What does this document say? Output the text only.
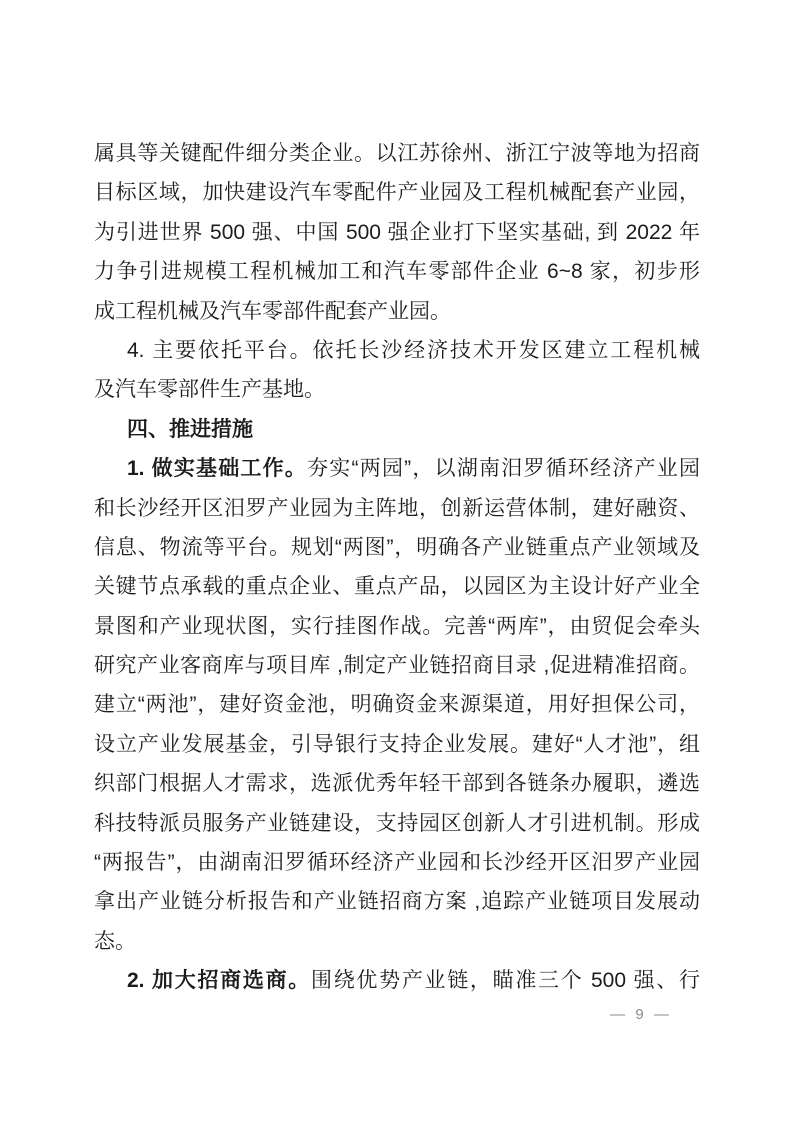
属具等关键配件细分类企业。以江苏徐州、浙江宁波等地为招商
目标区域，加快建设汽车零配件产业园及工程机械配套产业园，
为引进世界 500 强、中国 500 强企业打下坚实基础, 到 2022 年
力争引进规模工程机械加工和汽车零部件企业 6~8 家，初步形
成工程机械及汽车零部件配套产业园。
4. 主要依托平台。依托长沙经济技术开发区建立工程机械
及汽车零部件生产基地。
四、推进措施
1. 做实基础工作。夯实“两园”，以湖南汨罗循环经济产业园
和长沙经开区汨罗产业园为主阵地，创新运营体制，建好融资、
信息、物流等平台。规划“两图”，明确各产业链重点产业领域及
关键节点承载的重点企业、重点产品，以园区为主设计好产业全
景图和产业现状图，实行挂图作战。完善“两库”，由贸促会牵头
研究产业客商库与项目库 ,制定产业链招商目录 ,促进精准招商。
建立“两池”，建好资金池，明确资金来源渠道，用好担保公司，
设立产业发展基金，引导银行支持企业发展。建好“人才池”，组
织部门根据人才需求，选派优秀年轻干部到各链条办履职，遴选
科技特派员服务产业链建设，支持园区创新人才引进机制。形成
“两报告”，由湖南汨罗循环经济产业园和长沙经开区汨罗产业园
拿出产业链分析报告和产业链招商方案 ,追踪产业链项目发展动
态。
2. 加大招商选商。围绕优势产业链，瞄准三个 500 强、行
— 9 —
